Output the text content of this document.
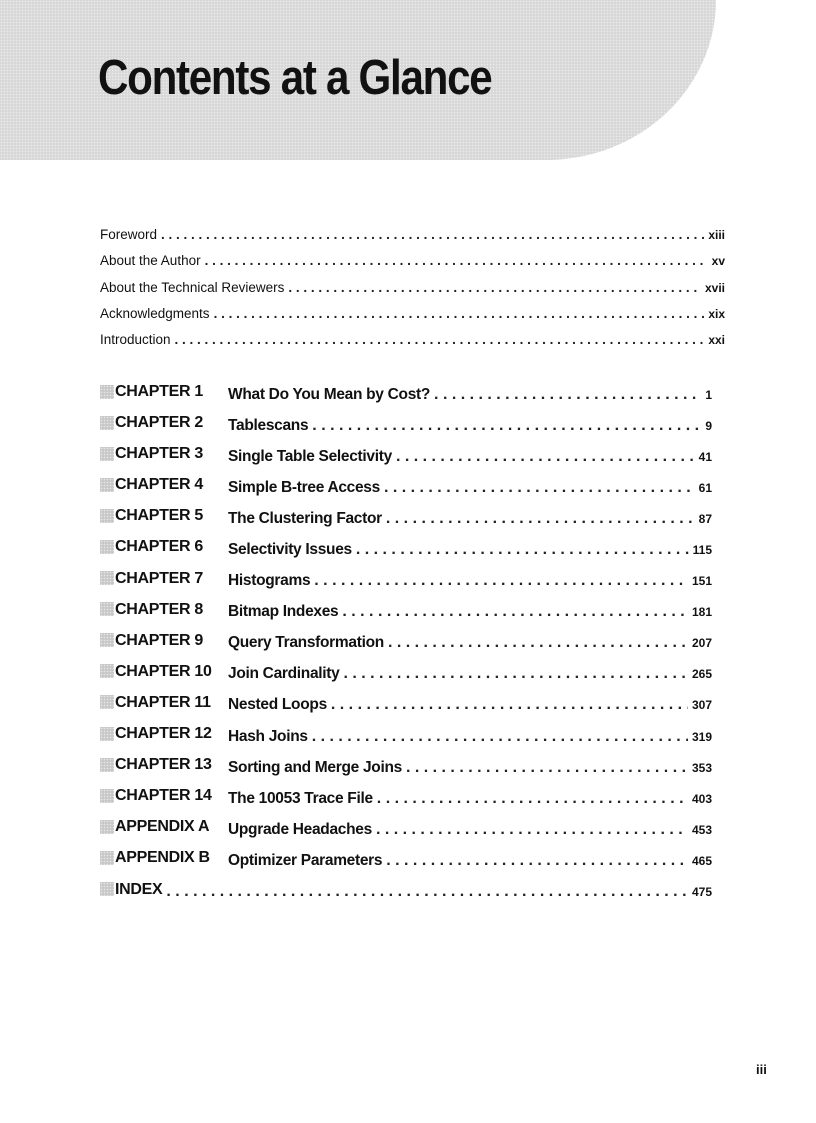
Contents at a Glance
Foreword . . .	xiii
About the Author . . .	xv
About the Technical Reviewers . . .	xvii
Acknowledgments . . .	xix
Introduction . . .	xxi
CHAPTER 1 What Do You Mean by Cost? . . .	1
CHAPTER 2 Tablescans . . .	9
CHAPTER 3 Single Table Selectivity . . .	41
CHAPTER 4 Simple B-tree Access . . .	61
CHAPTER 5 The Clustering Factor . . .	87
CHAPTER 6 Selectivity Issues . . .	115
CHAPTER 7 Histograms . . .	151
CHAPTER 8 Bitmap Indexes . . .	181
CHAPTER 9 Query Transformation . . .	207
CHAPTER 10 Join Cardinality . . .	265
CHAPTER 11 Nested Loops . . .	307
CHAPTER 12 Hash Joins . . .	319
CHAPTER 13 Sorting and Merge Joins . . .	353
CHAPTER 14 The 10053 Trace File . . .	403
APPENDIX A Upgrade Headaches . . .	453
APPENDIX B Optimizer Parameters . . .	465
INDEX . . .	475
iii
